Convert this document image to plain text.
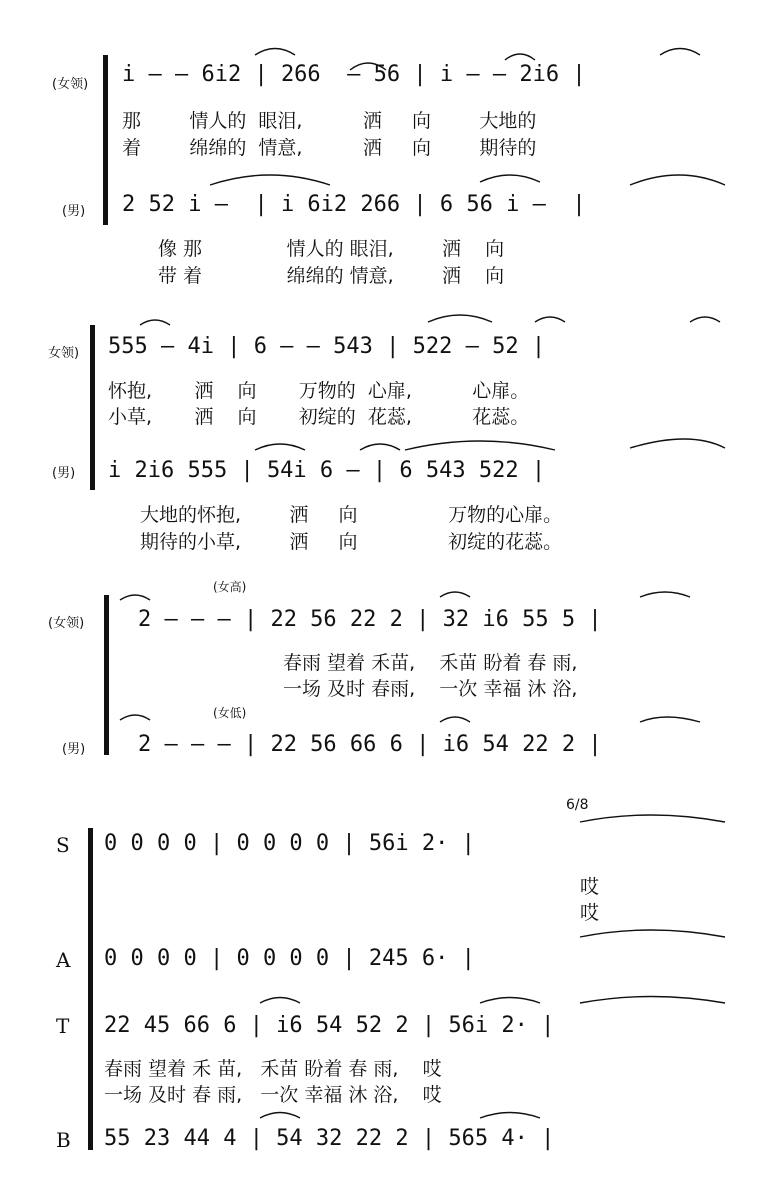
(女领)
(男)
i – – 6i2 | 266  – 56 | i – – 2i6 |
那        情人的  眼泪,          洒     向        大地的
着        绵绵的  情意,          洒     向        期待的
2 52 i –  | i 6i2 266 | 6 56 i –  |
像 那              情人的 眼泪,        洒    向
带 着              绵绵的 情意,        洒    向
女领)
(男)
555 – 4i | 6 – – 543 | 522 – 52 |
怀抱,       洒    向       万物的  心扉,          心扉。
小草,       洒    向       初绽的  花蕊,          花蕊。
i 2i6 555 | 54i 6 – | 6 543 522 |
大地的怀抱,        洒     向               万物的心扉。
期待的小草,        洒     向               初绽的花蕊。
(女高)
(女领) 2 – – – | 22 56 22 2 | 32 i6 55 5 |
春雨 望着 禾苗,    禾苗 盼着 春 雨,
一场 及时 春雨,    一次 幸福 沐 浴,
(女低)
(男) 2 – – – | 22 56 66 6 | i6 54 22 2 |
6/8
S
A
T
B
0 0 0 0 | 0 0 0 0 | 56i 2· |
哎
哎
0 0 0 0 | 0 0 0 0 | 245 6· |
22 45 66 6 | i6 54 52 2 | 56i 2· |
春雨 望着 禾 苗,   禾苗 盼着 春 雨,    哎
一场 及时 春 雨,   一次 幸福 沐 浴,    哎
55 23 44 4 | 54 32 22 2 | 565 4· |
